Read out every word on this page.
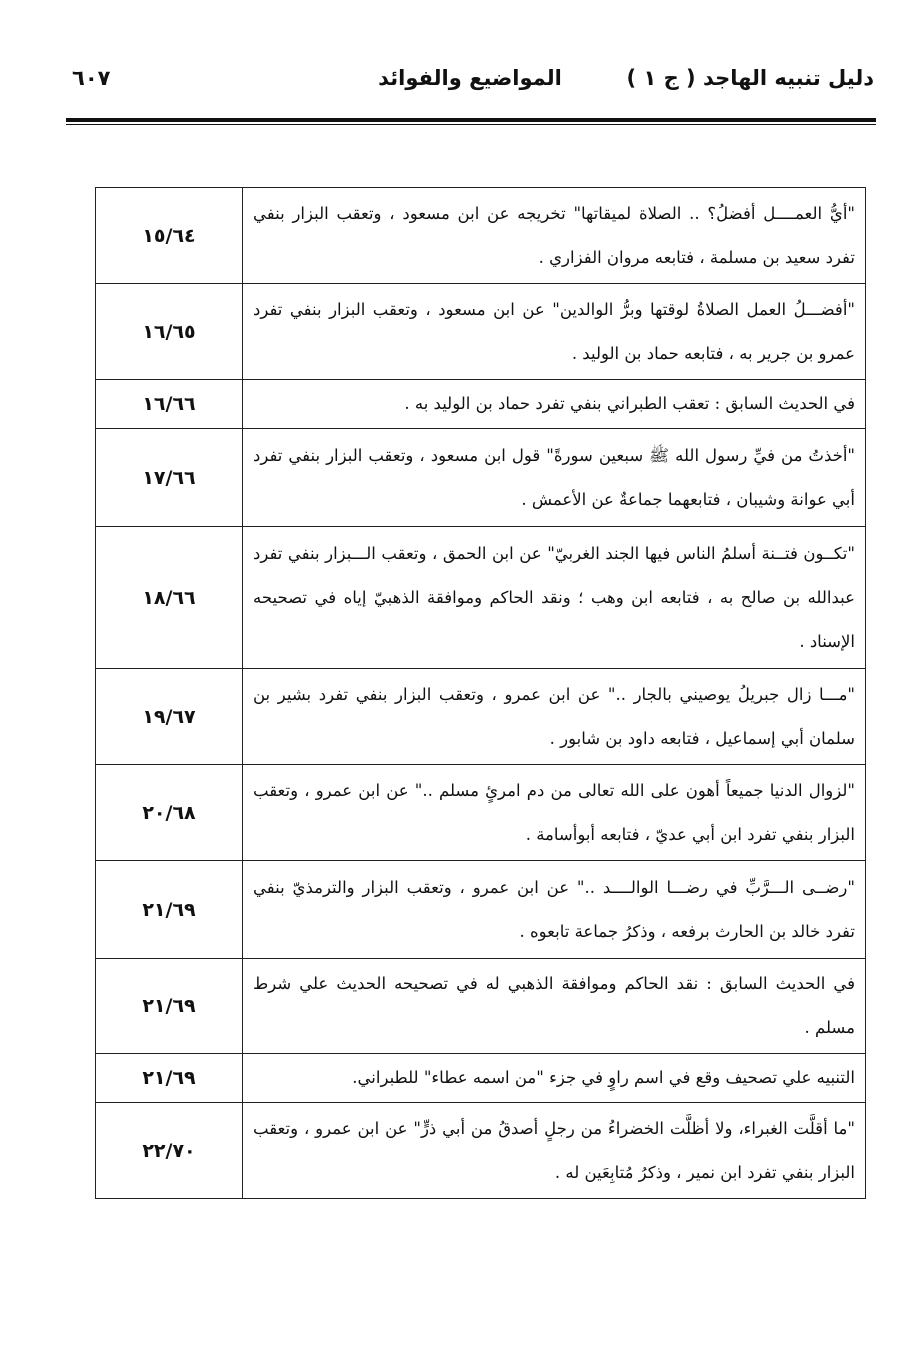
دليل تنبيه الهاجد ( ج ١ )
المواضيع والفوائد
٦٠٧
"أيُّ العمــــل أفضلُ؟ .. الصلاة لميقاتها" تخريجه عن ابن مسعود ، وتعقب البزار بنفي تفرد سعيد بن مسلمة ، فتابعه مروان الفزاري .	١٥/٦٤
"أفضـــلُ العمل الصلاةُ لوقتها وبرُّ الوالدين" عن ابن مسعود ، وتعقب البزار بنفي تفرد عمرو بن جرير به ، فتابعه حماد بن الوليد .	١٦/٦٥
في الحديث السابق : تعقب الطبراني بنفي تفرد حماد بن الوليد به .	١٦/٦٦
"أخذتُ من فيِّ رسول الله ﷺ سبعين سورةً" قول ابن مسعود ، وتعقب البزار بنفي تفرد أبي عوانة وشيبان ، فتابعهما جماعةٌ عن الأعمش .	١٧/٦٦
"تكــون فتــنة أسلمُ الناس فيها الجند الغربيّ" عن ابن الحمق ، وتعقب الـــبزار بنفي تفرد عبدالله بن صالح به ، فتابعه ابن وهب ؛ ونقد الحاكم وموافقة الذهبيّ إياه في تصحيحه الإسناد .	١٨/٦٦
"مـــا زال جبريلُ يوصيني بالجار .." عن ابن عمرو ، وتعقب البزار بنفي تفرد بشير بن سلمان أبي إسماعيل ، فتابعه داود بن شابور .	١٩/٦٧
"لزوال الدنيا جميعاً أهون على الله تعالى من دم امرئٍ مسلم .." عن ابن عمرو ، وتعقب البزار بنفي تفرد ابن أبي عديّ ، فتابعه أبوأسامة .	٢٠/٦٨
"رضــى الـــرَّبِّ في رضـــا الوالــــد .." عن ابن عمرو ، وتعقب البزار والترمذيّ بنفي تفرد خالد بن الحارث برفعه ، وذكرُ جماعة تابعوه .	٢١/٦٩
في الحديث السابق : نقد الحاكم وموافقة الذهبي له في تصحيحه الحديث علي شرط مسلم .	٢١/٦٩
التنبيه علي تصحيف وقع في اسم راوٍ في جزء "من اسمه عطاء" للطبراني.	٢١/٦٩
"ما أقلَّت الغبراء، ولا أظلَّت الخضراءُ من رجلٍ أصدقُ من أبي ذرٍّ" عن ابن عمرو ، وتعقب البزار بنفي تفرد ابن نمير ، وذكرُ مُتابِعَين له .	٢٢/٧٠
